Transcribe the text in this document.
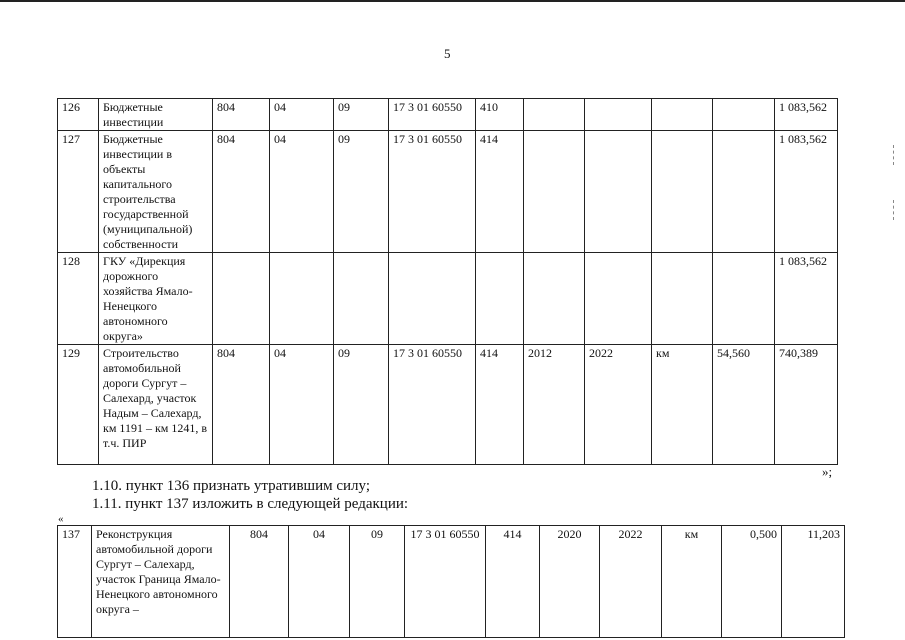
5
126	Бюджетные инвестиции	804	04	09	17 3 01 60550	410					1 083,562
127	Бюджетные инвестиции в объекты капитального строительства государственной (муниципальной) собственности	804	04	09	17 3 01 60550	414					1 083,562
128	ГКУ «Дирекция дорожного хозяйства Ямало-Ненецкого автономного округа»										1 083,562
129	Строительство автомобильной дороги Сургут – Салехард, участок Надым – Салехард, км 1191 – км 1241, в т.ч. ПИР	804	04	09	17 3 01 60550	414	2012	2022	км	54,560	740,389
»;
1.10. пункт 136 признать утратившим силу;
1.11. пункт 137 изложить в следующей редакции:
«
137	Реконструкция автомобильной дороги Сургут – Салехард, участок Граница Ямало-Ненецкого автономного округа –	804	04	09	17 3 01 60550	414	2020	2022	км	0,500	11,203
